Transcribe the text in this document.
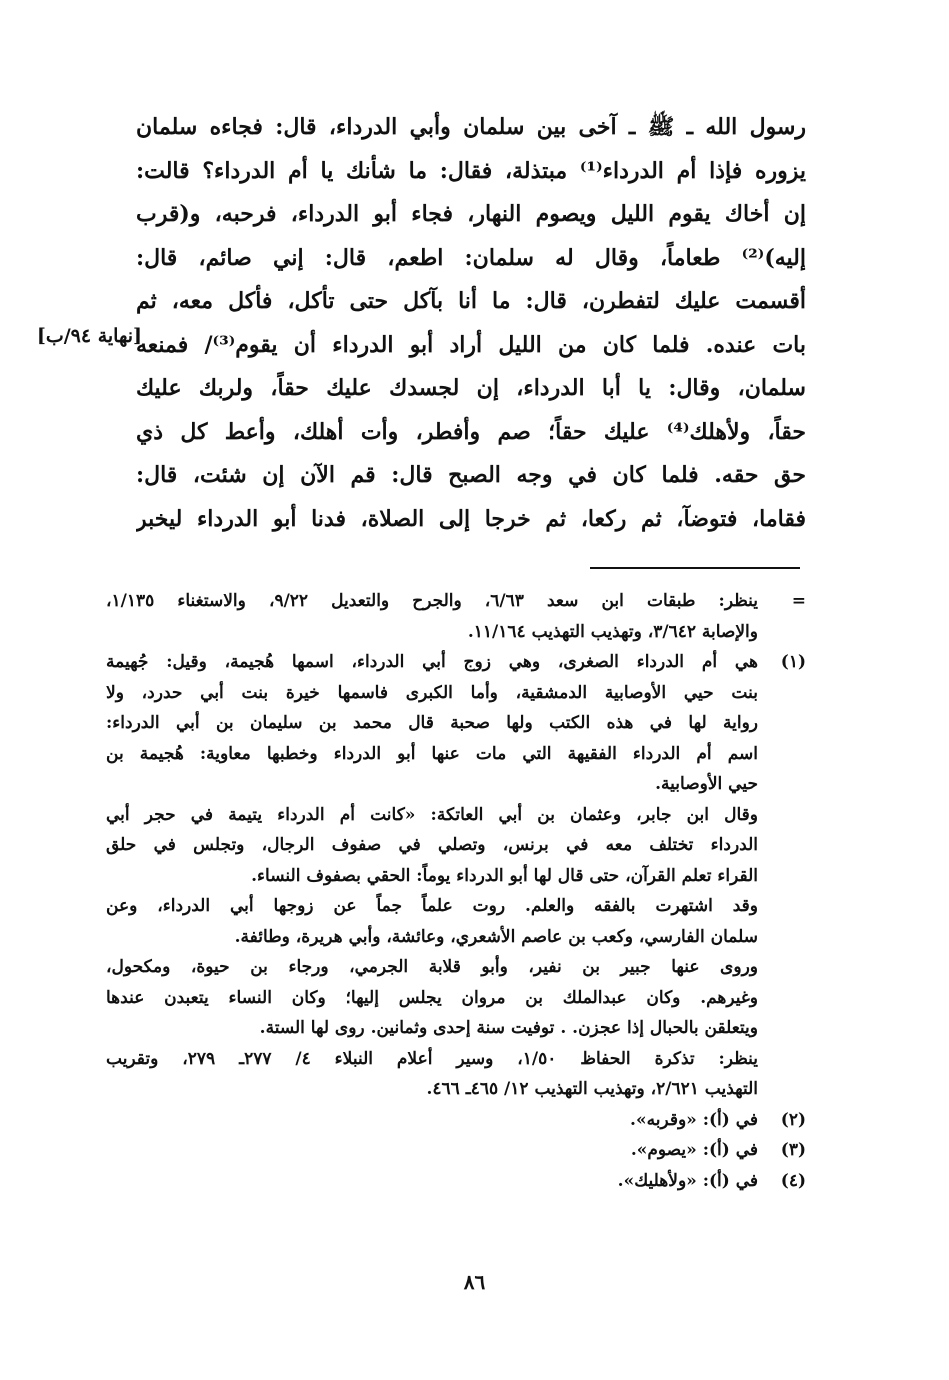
رسول الله ـ ﷺ ـ آخى بين سلمان وأبي الدرداء، قال: فجاءه سلمان
يزوره فإذا أم الدرداء⁽¹⁾ مبتذلة، فقال: ما شأنك يا أم الدرداء؟ قالت:
إن أخاك يقوم الليل ويصوم النهار، فجاء أبو الدرداء، فرحبه، و(قرب
إليه)⁽²⁾ طعاماً، وقال له سلمان: اطعم، قال: إني صائم، قال:
أقسمت عليك لتفطرن، قال: ما أنا بآكل حتى تأكل، فأكل معه، ثم
بات عنده. فلما كان من الليل أراد أبو الدرداء أن يقوم⁽³⁾/ فمنعه
سلمان، وقال: يا أبا الدرداء، إن لجسدك عليك حقاً، ولربك عليك
حقاً، ولأهلك⁽⁴⁾ عليك حقاً؛ صم وأفطر، وأت أهلك، وأعط كل ذي
حق حقه. فلما كان في وجه الصبح قال: قم الآن إن شئت، قال:
فقاما، فتوضآ، ثم ركعا، ثم خرجا إلى الصلاة، فدنا أبو الدرداء ليخبر
[نهاية ٩٤/ب]
=
ينظر: طبقات ابن سعد ٦/٦٣، والجرح والتعديل ٩/٢٢، والاستغناء ١/١٣٥،
والإصابة ٣/٦٤٢، وتهذيب التهذيب ١١/١٦٤.
(١)
هي أم الدرداء الصغرى، وهي زوج أبي الدرداء، اسمها هُجيمة، وقيل: جُهيمة
بنت حيي الأوصابية الدمشقية، وأما الكبرى فاسمها خيرة بنت أبي حدرد، ولا
رواية لها في هذه الكتب ولها صحبة قال محمد بن سليمان بن أبي الدرداء:
اسم أم الدرداء الفقيهة التي مات عنها أبو الدرداء وخطبها معاوية: هُجيمة بن
حيي الأوصابية.
وقال ابن جابر، وعثمان بن أبي العاتكة: «كانت أم الدرداء يتيمة في حجر أبي
الدرداء تختلف معه في برنس، وتصلي في صفوف الرجال، وتجلس في حلق
القراء تعلم القرآن، حتى قال لها أبو الدرداء يوماً: الحقي بصفوف النساء.
وقد اشتهرت بالفقه والعلم. روت علماً جماً عن زوجها أبي الدرداء، وعن
سلمان الفارسي، وكعب بن عاصم الأشعري، وعائشة، وأبي هريرة، وطائفة.
وروى عنها جبير بن نفير، وأبو قلابة الجرمي، ورجاء بن حيوة، ومكحول،
وغيرهم. وكان عبدالملك بن مروان يجلس إليها؛ وكان النساء يتعبدن عندها
ويتعلقن بالحبال إذا عجزن. . توفيت سنة إحدى وثمانين. روى لها الستة.
ينظر: تذكرة الحفاظ ١/٥٠، وسير أعلام النبلاء ٤/ ٢٧٧ـ ٢٧٩، وتقريب
التهذيب ٢/٦٢١، وتهذيب التهذيب ١٢/ ٤٦٥ـ ٤٦٦.
(٢)
في (أ): «وقربه».
(٣)
في (أ): «يصوم».
(٤)
في (أ): «ولأهليك».
٨٦
